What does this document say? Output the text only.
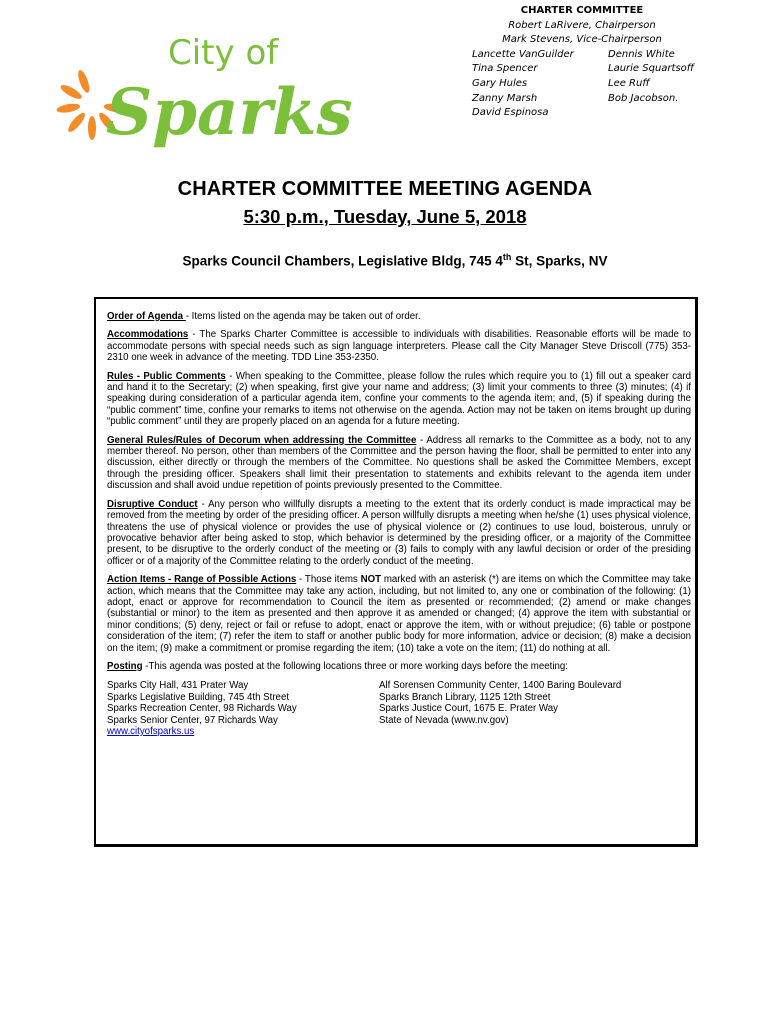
City of
Sparks
CHARTER COMMITTEE
Robert LaRivere, Chairperson
Mark Stevens, Vice-Chairperson
Lancette VanGuilder	Dennis White
Tina Spencer	Laurie Squartsoff
Gary Hules	Lee Ruff
Zanny Marsh	Bob Jacobson.
David Espinosa
CHARTER COMMITTEE MEETING AGENDA
5:30 p.m., Tuesday, June 5, 2018
Sparks Council Chambers, Legislative Bldg, 745 4th St, Sparks, NV

Order of Agenda - Items listed on the agenda may be taken out of order.

Accommodations - The Sparks Charter Committee is accessible to individuals with disabilities. Reasonable efforts will be made to accommodate persons with special needs such as sign language interpreters. Please call the City Manager Steve Driscoll (775) 353-2310 one week in advance of the meeting. TDD Line 353-2350.

Rules - Public Comments - When speaking to the Committee, please follow the rules which require you to (1) fill out a speaker card and hand it to the Secretary; (2) when speaking, first give your name and address; (3) limit your comments to three (3) minutes; (4) if speaking during consideration of a particular agenda item, confine your comments to the agenda item; and, (5) if speaking during the “public comment” time, confine your remarks to items not otherwise on the agenda. Action may not be taken on items brought up during “public comment” until they are properly placed on an agenda for a future meeting.

General Rules/Rules of Decorum when addressing the Committee - Address all remarks to the Committee as a body, not to any member thereof. No person, other than members of the Committee and the person having the floor, shall be permitted to enter into any discussion, either directly or through the members of the Committee. No questions shall be asked the Committee Members, except through the presiding officer. Speakers shall limit their presentation to statements and exhibits relevant to the agenda item under discussion and shall avoid undue repetition of points previously presented to the Committee.

Disruptive Conduct - Any person who willfully disrupts a meeting to the extent that its orderly conduct is made impractical may be removed from the meeting by order of the presiding officer. A person willfully disrupts a meeting when he/she (1) uses physical violence, threatens the use of physical violence or provides the use of physical violence or (2) continues to use loud, boisterous, unruly or provocative behavior after being asked to stop, which behavior is determined by the presiding officer, or a majority of the Committee present, to be disruptive to the orderly conduct of the meeting or (3) fails to comply with any lawful decision or order of the presiding officer or of a majority of the Committee relating to the orderly conduct of the meeting.

Action Items - Range of Possible Actions - Those items NOT marked with an asterisk (*) are items on which the Committee may take action, which means that the Committee may take any action, including, but not limited to, any one or combination of the following: (1) adopt, enact or approve for recommendation to Council the item as presented or recommended; (2) amend or make changes (substantial or minor) to the item as presented and then approve it as amended or changed; (4) approve the item with substantial or minor conditions; (5) deny, reject or fail or refuse to adopt, enact or approve the item, with or without prejudice; (6) table or postpone consideration of the item; (7) refer the item to staff or another public body for more information, advice or decision; (8) make a decision on the item; (9) make a commitment or promise regarding the item; (10) take a vote on the item; (11) do nothing at all.

Posting -This agenda was posted at the following locations three or more working days before the meeting:

Sparks City Hall, 431 Prater Way	Alf Sorensen Community Center, 1400 Baring Boulevard
Sparks Legislative Building, 745 4th Street	Sparks Branch Library, 1125 12th Street
Sparks Recreation Center, 98 Richards Way	Sparks Justice Court, 1675 E. Prater Way
Sparks Senior Center, 97 Richards Way	State of Nevada (www.nv.gov)
www.cityofsparks.us
